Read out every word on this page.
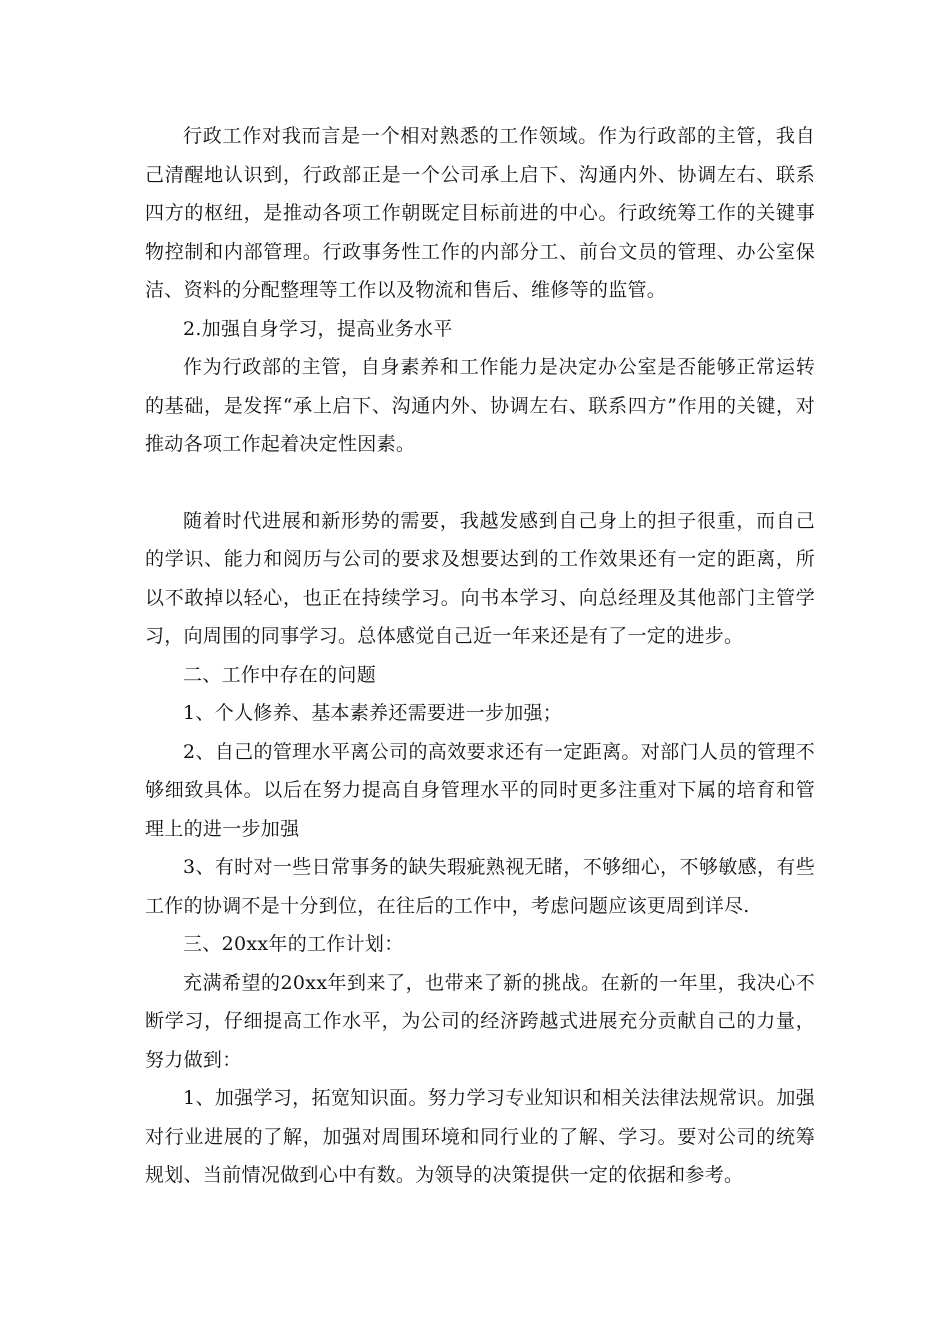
行政工作对我而言是一个相对熟悉的工作领域。作为行政部的主管，我自己清醒地认识到，行政部正是一个公司承上启下、沟通内外、协调左右、联系四方的枢纽，是推动各项工作朝既定目标前进的中心。行政统筹工作的关键事物控制和内部管理。行政事务性工作的内部分工、前台文员的管理、办公室保洁、资料的分配整理等工作以及物流和售后、维修等的监管。

2.加强自身学习，提高业务水平

作为行政部的主管，自身素养和工作能力是决定办公室是否能够正常运转的基础，是发挥“承上启下、沟通内外、协调左右、联系四方”作用的关键，对推动各项工作起着决定性因素。

随着时代进展和新形势的需要，我越发感到自己身上的担子很重，而自己的学识、能力和阅历与公司的要求及想要达到的工作效果还有一定的距离，所以不敢掉以轻心，也正在持续学习。向书本学习、向总经理及其他部门主管学习，向周围的同事学习。总体感觉自己近一年来还是有了一定的进步。

二、工作中存在的问题

1、个人修养、基本素养还需要进一步加强；

2、自己的管理水平离公司的高效要求还有一定距离。对部门人员的管理不够细致具体。以后在努力提高自身管理水平的同时更多注重对下属的培育和管理上的进一步加强

3、有时对一些日常事务的缺失瑕疵熟视无睹，不够细心，不够敏感，有些工作的协调不是十分到位，在往后的工作中，考虑问题应该更周到详尽.

三、20xx年的工作计划：

充满希望的20xx年到来了，也带来了新的挑战。在新的一年里，我决心不断学习，仔细提高工作水平，为公司的经济跨越式进展充分贡献自己的力量，努力做到：

1、加强学习，拓宽知识面。努力学习专业知识和相关法律法规常识。加强对行业进展的了解，加强对周围环境和同行业的了解、学习。要对公司的统筹规划、当前情况做到心中有数。为领导的决策提供一定的依据和参考。
